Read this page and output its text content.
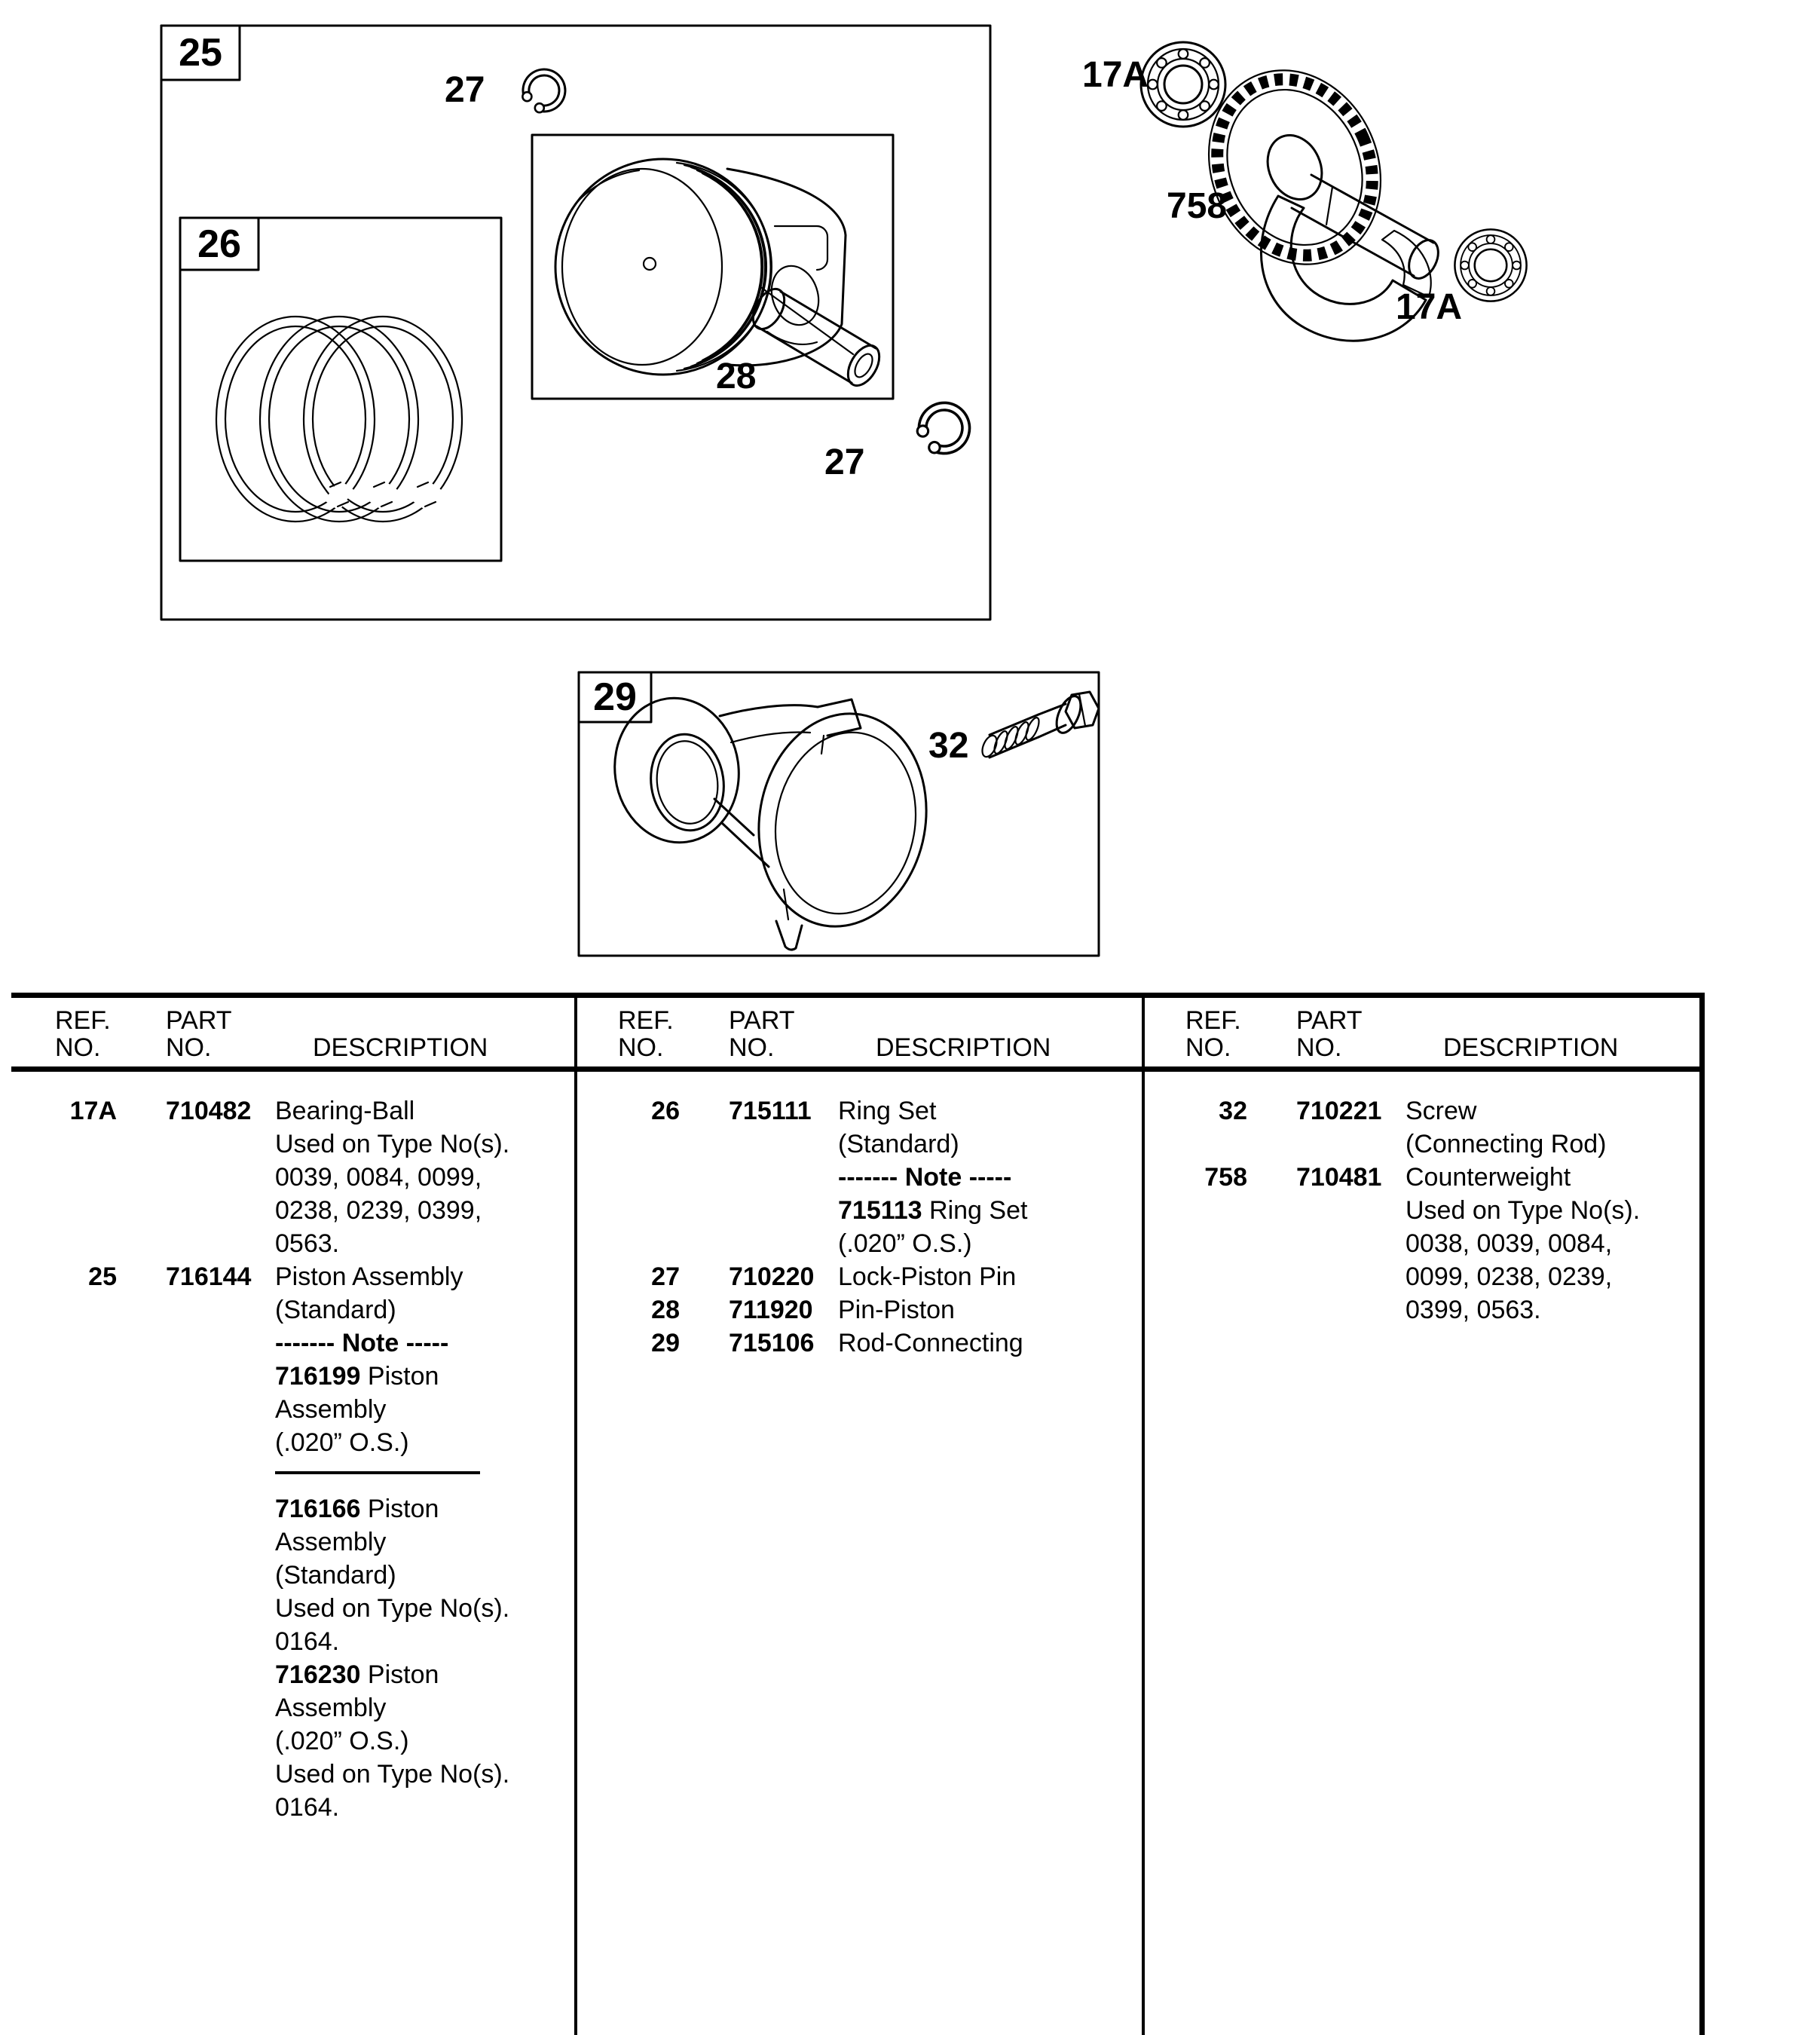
25
26
29
27
27
28
32
17A
758
17A
REF.
NO.
PART
NO.	DESCRIPTION
17A	710482 Bearing-Ball
Used on Type No(s).
0039, 0084, 0099,
0238, 0239, 0399,
0563.
25	716144 Piston Assembly
(Standard)
------- Note -----
716199 Piston
Assembly
(.020” O.S.)
716166 Piston
Assembly
(Standard)
Used on Type No(s).
0164.
716230 Piston
Assembly
(.020” O.S.)
Used on Type No(s).
0164.
REF.
NO.
PART
NO.	DESCRIPTION
26	715111	Ring Set
(Standard)
------- Note -----
715113 Ring Set
(.020” O.S.)
27	710220 Lock-Piston Pin
28	711920 Pin-Piston
29	715106 Rod-Connecting
REF.
NO.
PART
NO.	DESCRIPTION
32	710221 Screw
(Connecting Rod)
758	710481 Counterweight
Used on Type No(s).
0038, 0039, 0084,
0099, 0238, 0239,
0399, 0563.
